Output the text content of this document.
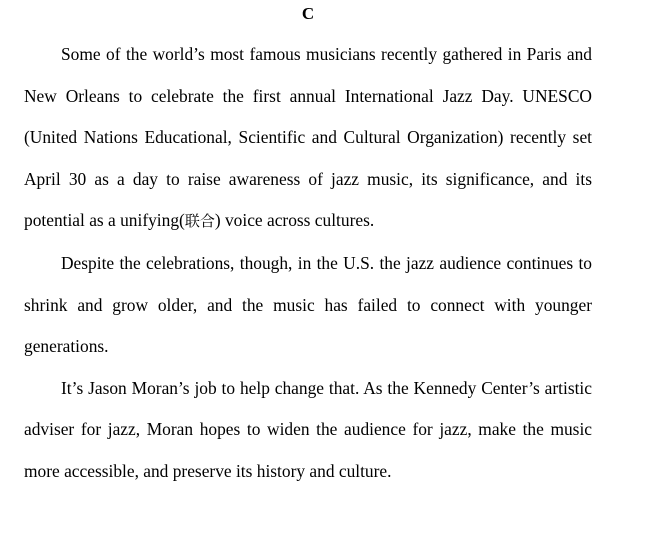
C

Some of the world’s most famous musicians recently gathered in Paris and New Orleans to celebrate the first annual International Jazz Day. UNESCO (United Nations Educational, Scientific and Cultural Organization) recently set April 30 as a day to raise awareness of jazz music, its significance, and its potential as a unifying(联合) voice across cultures.

Despite the celebrations, though, in the U.S. the jazz audience continues to shrink and grow older, and the music has failed to connect with younger generations.

It’s Jason Moran’s job to help change that. As the Kennedy Center’s artistic adviser for jazz, Moran hopes to widen the audience for jazz, make the music more accessible, and preserve its history and culture.
